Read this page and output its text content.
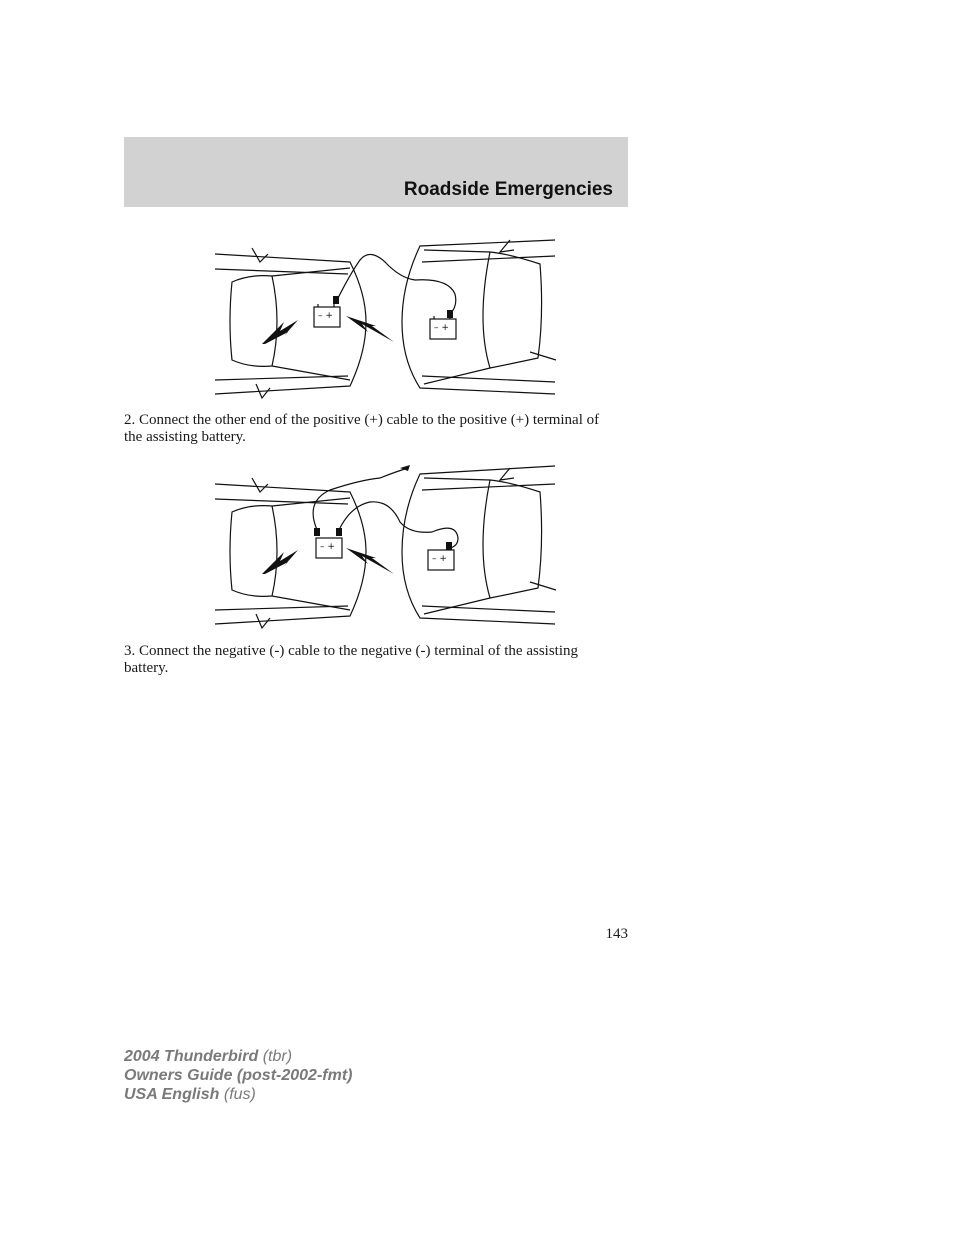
Roadside Emergencies
– +
– +
2. Connect the other end of the positive (+) cable to the positive (+) terminal of the assisting battery.
– +
– +
3. Connect the negative (-) cable to the negative (-) terminal of the assisting battery.
143
2004 Thunderbird (tbr)
Owners Guide (post-2002-fmt)
USA English (fus)
